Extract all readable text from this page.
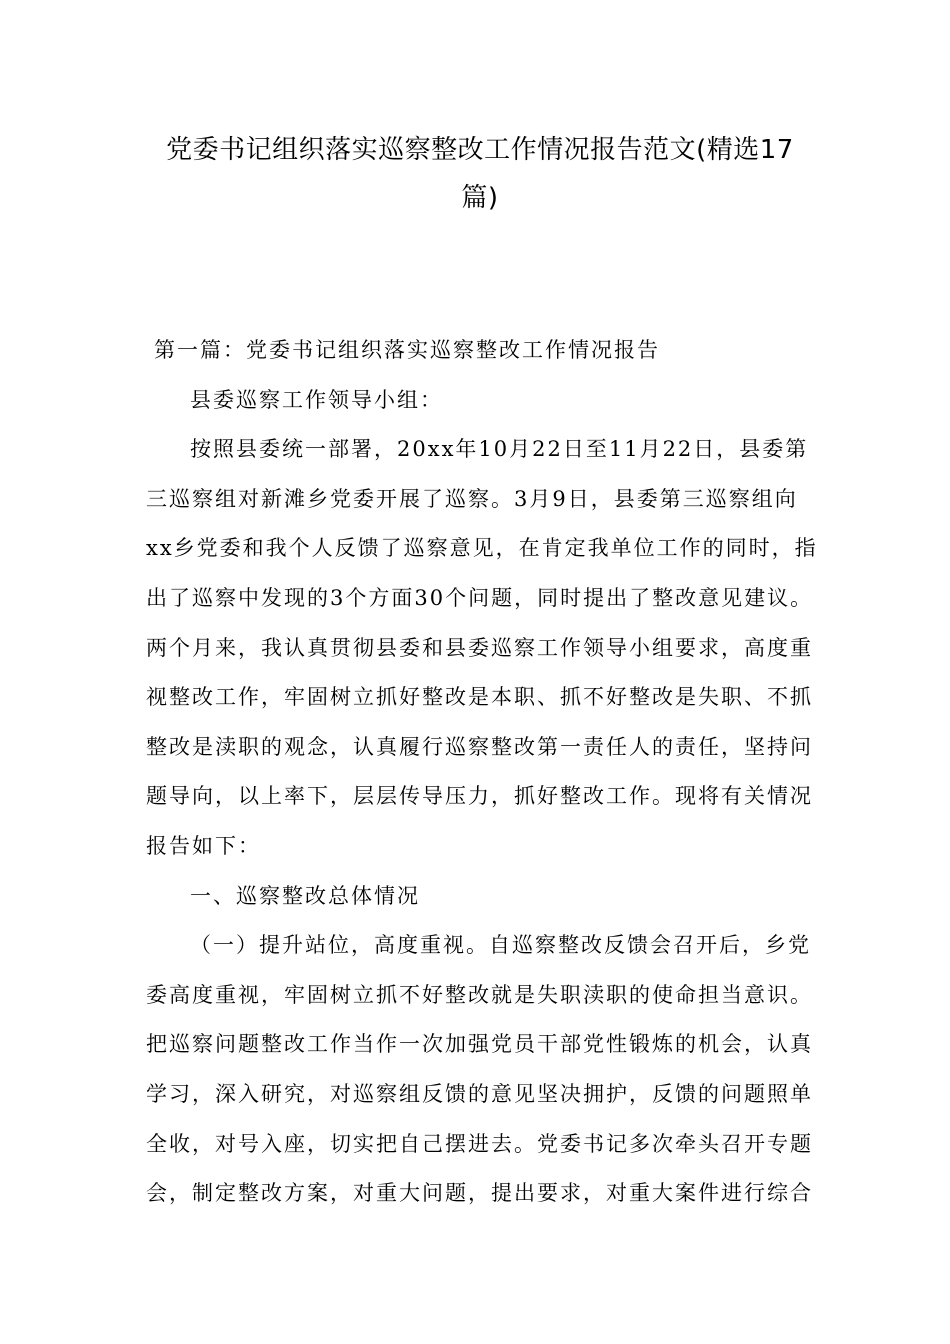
党委书记组织落实巡察整改工作情况报告范文(精选17
篇)

第一篇：党委书记组织落实巡察整改工作情况报告

县委巡察工作领导小组：

按照县委统一部署，20xx年10月22日至11月22日，县委第
三巡察组对新滩乡党委开展了巡察。3月9日，县委第三巡察组向
xx乡党委和我个人反馈了巡察意见，在肯定我单位工作的同时，指
出了巡察中发现的3个方面30个问题，同时提出了整改意见建议。
两个月来，我认真贯彻县委和县委巡察工作领导小组要求，高度重
视整改工作，牢固树立抓好整改是本职、抓不好整改是失职、不抓
整改是渎职的观念，认真履行巡察整改第一责任人的责任，坚持问
题导向，以上率下，层层传导压力，抓好整改工作。现将有关情况
报告如下：

一、巡察整改总体情况

（一）提升站位，高度重视。自巡察整改反馈会召开后，乡党
委高度重视，牢固树立抓不好整改就是失职渎职的使命担当意识。
把巡察问题整改工作当作一次加强党员干部党性锻炼的机会，认真
学习，深入研究，对巡察组反馈的意见坚决拥护，反馈的问题照单
全收，对号入座，切实把自己摆进去。党委书记多次牵头召开专题
会，制定整改方案，对重大问题，提出要求，对重大案件进行综合
